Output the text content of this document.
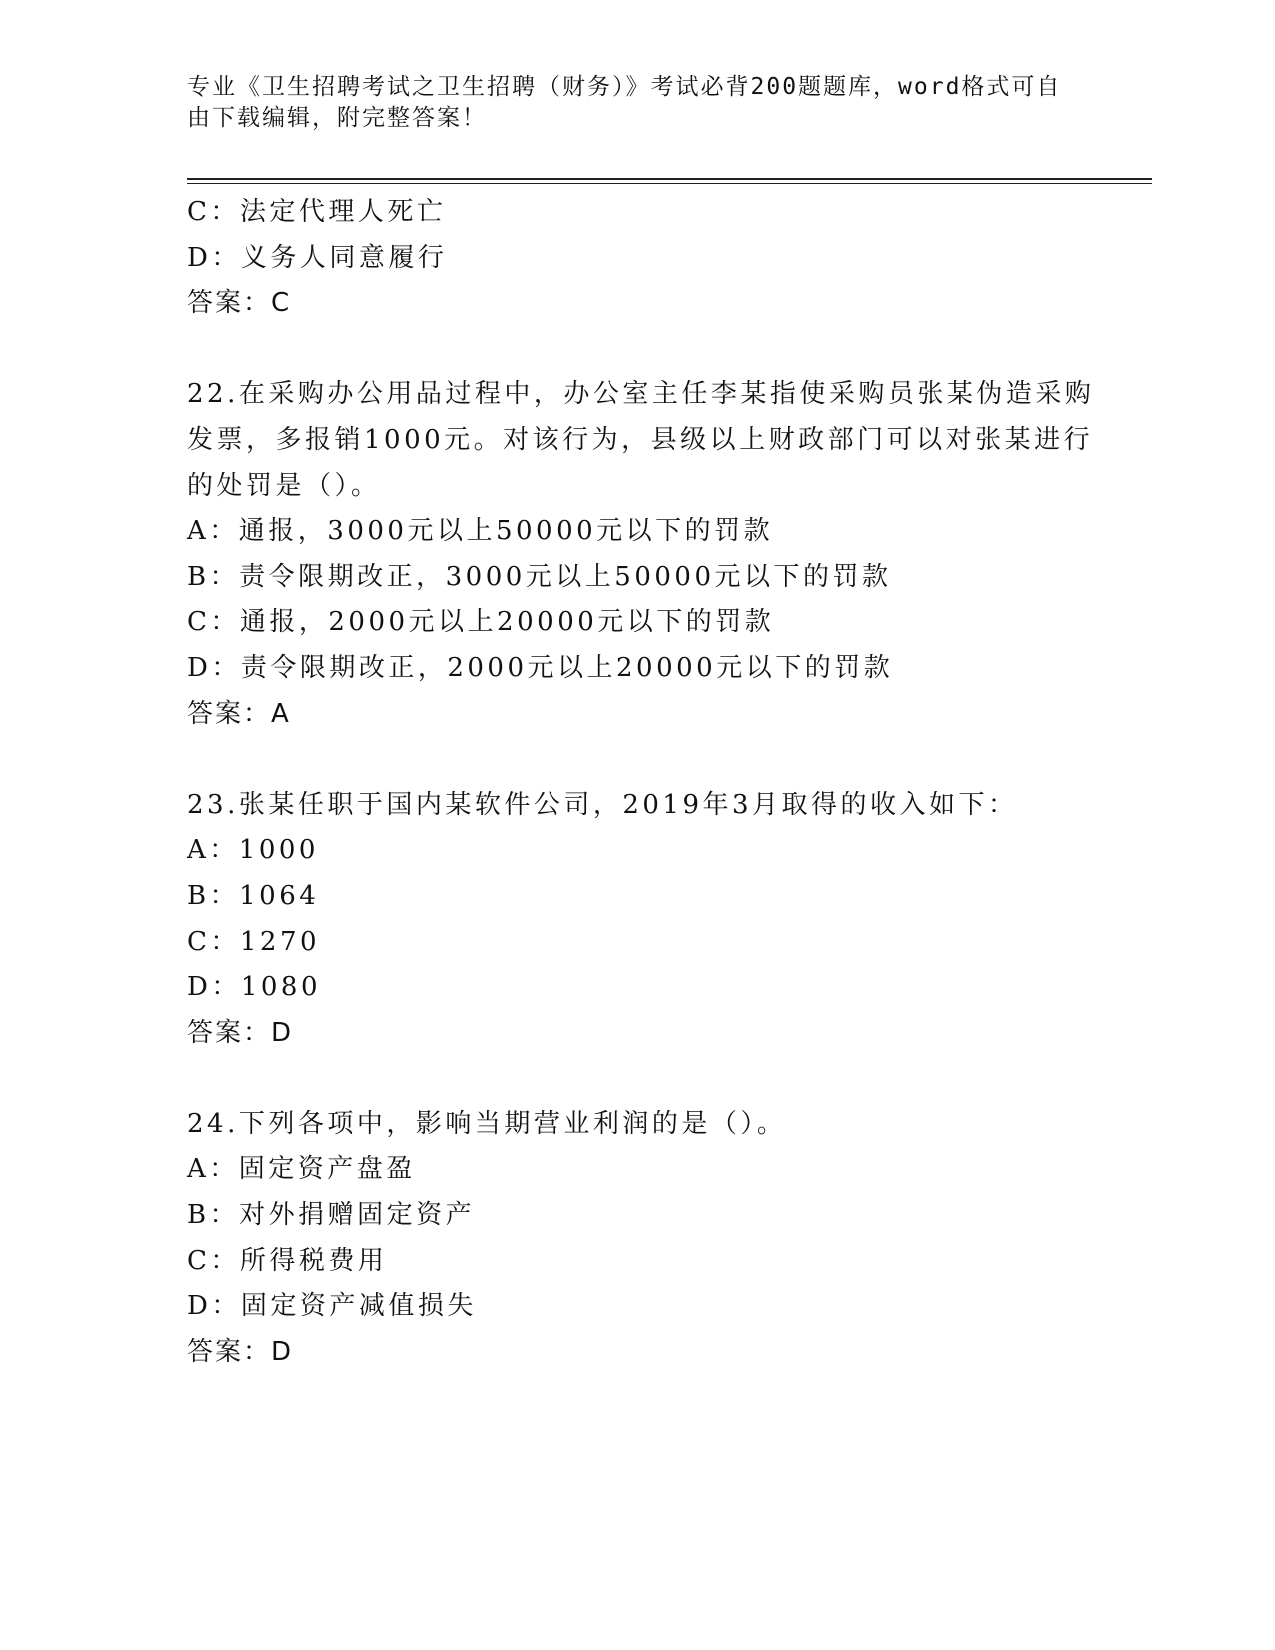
专业《卫生招聘考试之卫生招聘（财务）》考试必背200题题库，word格式可自
由下载编辑，附完整答案！
C：法定代理人死亡
D：义务人同意履行
答案：C
22.在采购办公用品过程中，办公室主任李某指使采购员张某伪造采购
发票，多报销1000元。对该行为，县级以上财政部门可以对张某进行
的处罚是（）。
A：通报，3000元以上50000元以下的罚款
B：责令限期改正，3000元以上50000元以下的罚款
C：通报，2000元以上20000元以下的罚款
D：责令限期改正，2000元以上20000元以下的罚款
答案：A
23.张某任职于国内某软件公司，2019年3月取得的收入如下：
A：1000
B：1064
C：1270
D：1080
答案：D
24.下列各项中，影响当期营业利润的是（）。
A：固定资产盘盈
B：对外捐赠固定资产
C：所得税费用
D：固定资产减值损失
答案：D
